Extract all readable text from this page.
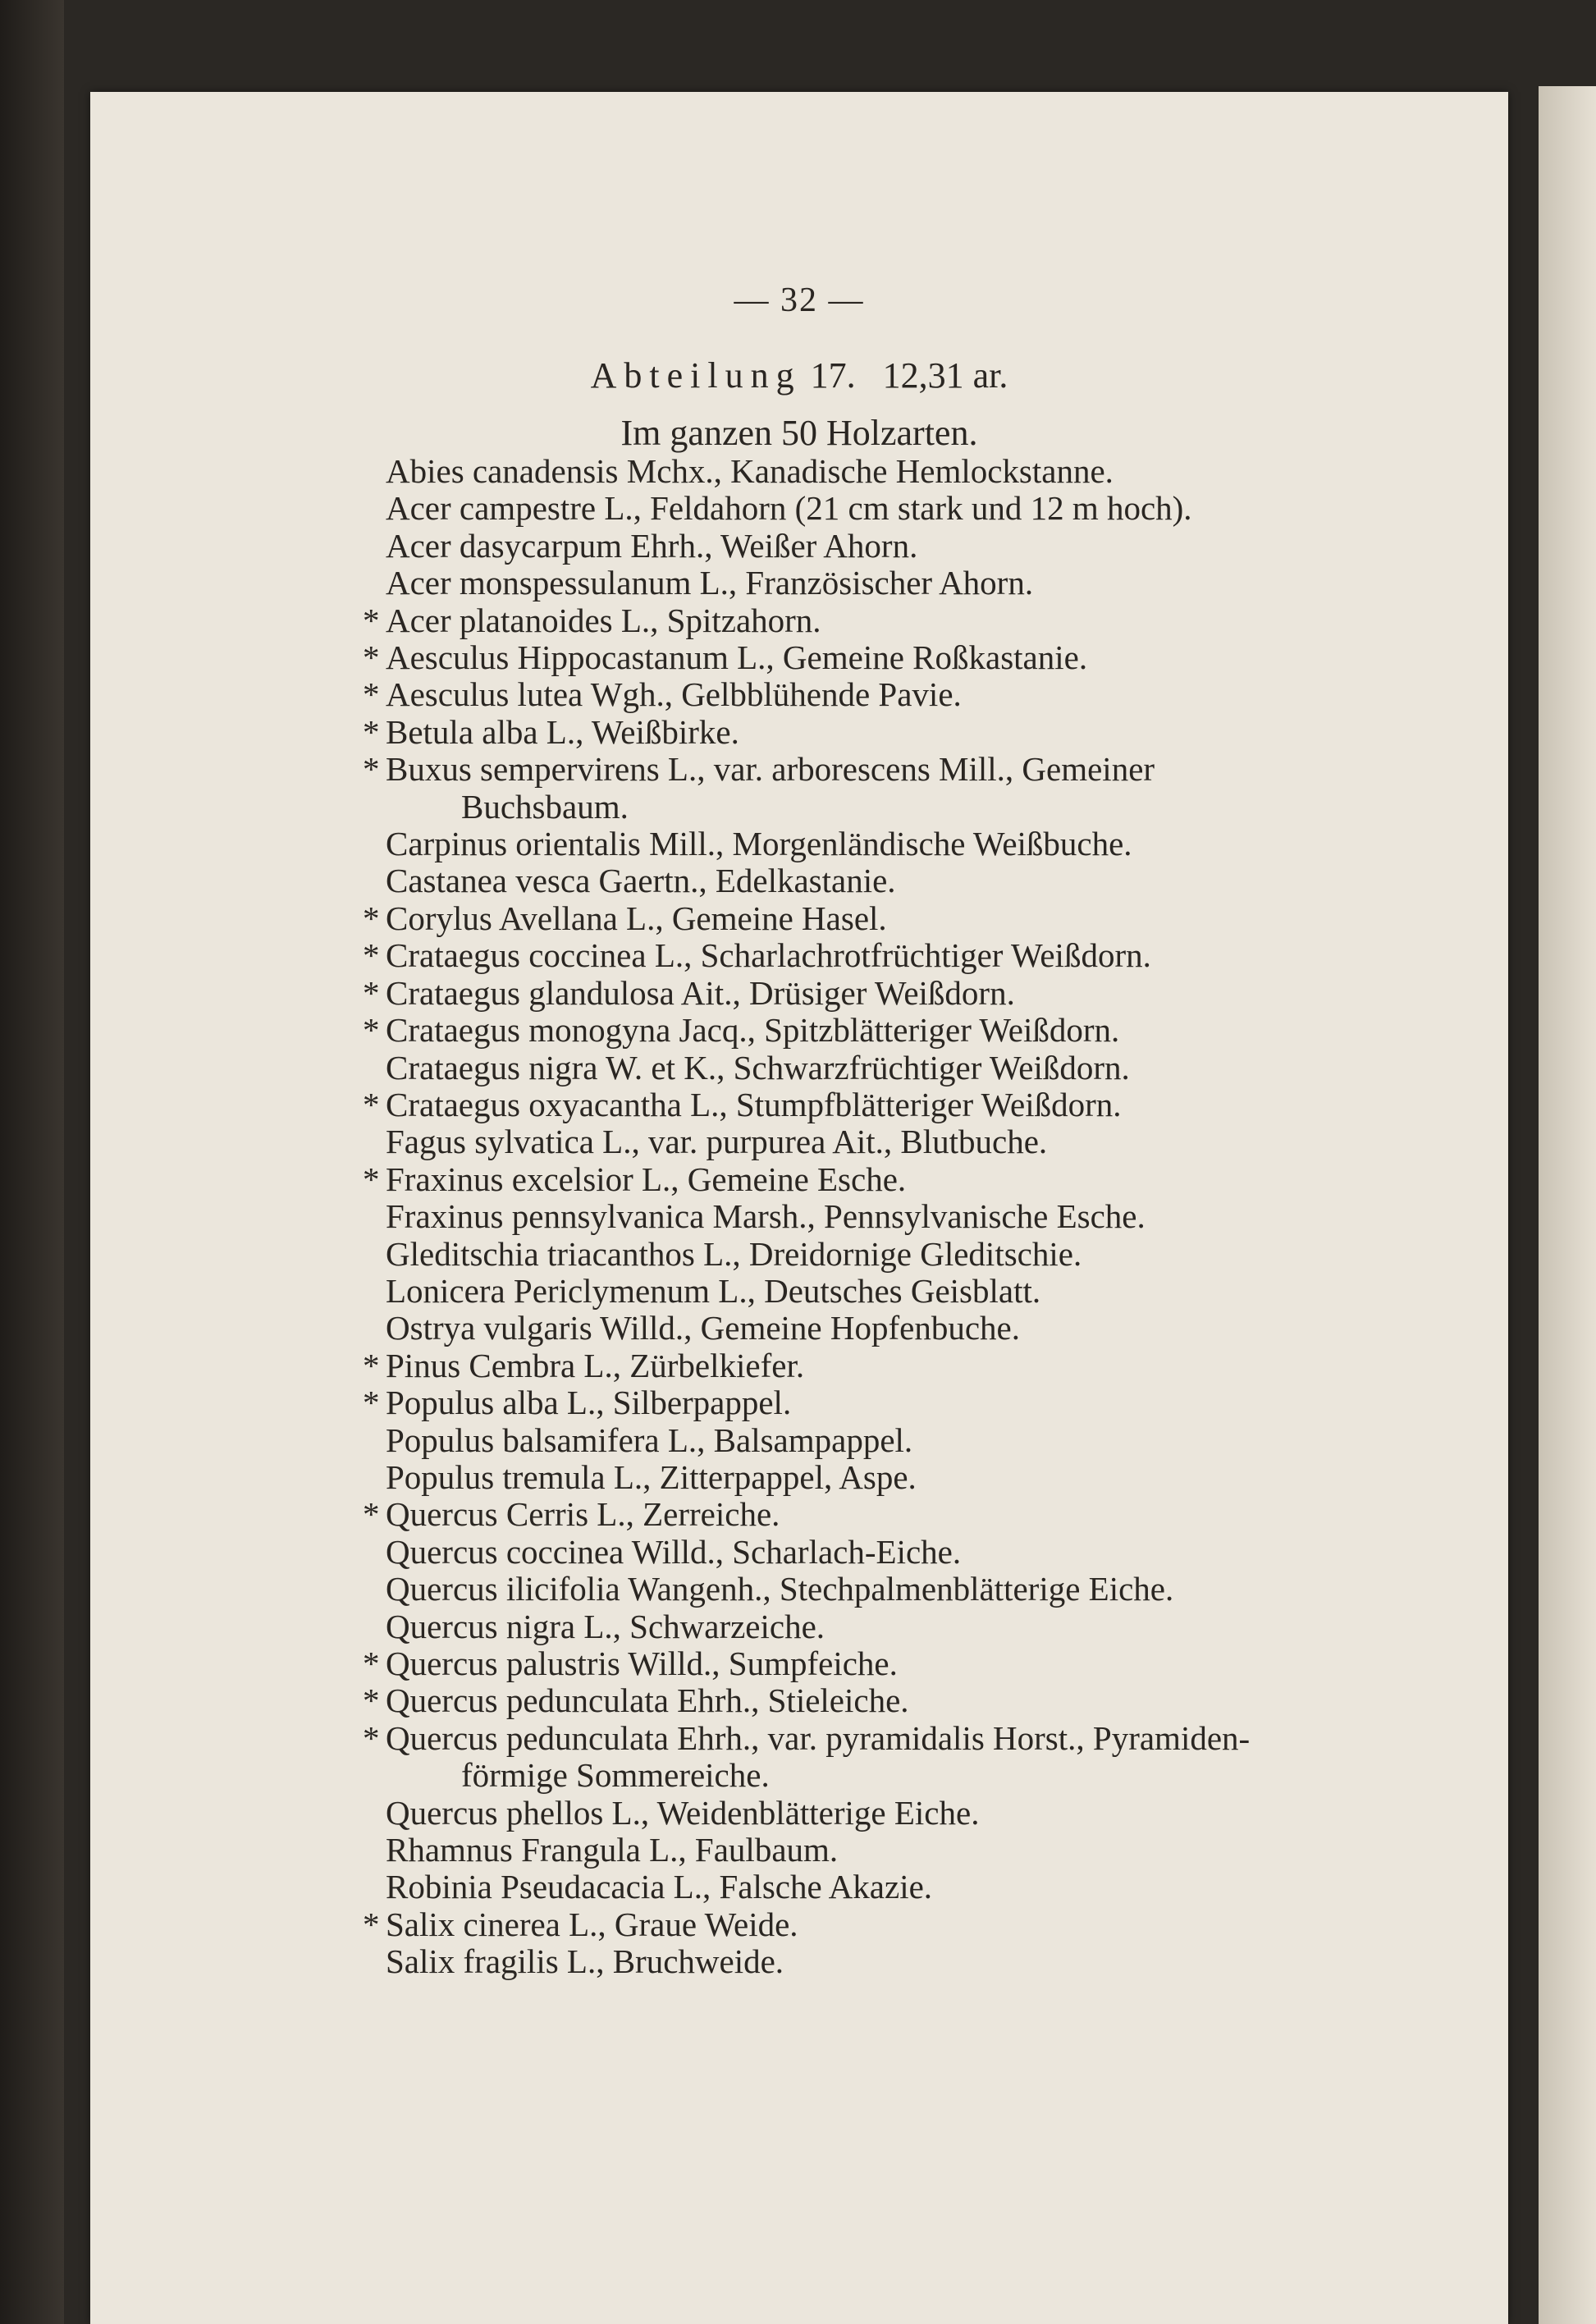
— 32 —
Abteilung 17. 12,31 ar.
Im ganzen 50 Holzarten.
Abies canadensis Mchx., Kanadische Hemlockstanne.
Acer campestre L., Feldahorn (21 cm stark und 12 m hoch).
Acer dasycarpum Ehrh., Weißer Ahorn.
Acer monspessulanum L., Französischer Ahorn.
* Acer platanoides L., Spitzahorn.
* Aesculus Hippocastanum L., Gemeine Roßkastanie.
* Aesculus lutea Wgh., Gelbblühende Pavie.
* Betula alba L., Weißbirke.
* Buxus sempervirens L., var. arborescens Mill., Gemeiner
Buchsbaum.
Carpinus orientalis Mill., Morgenländische Weißbuche.
Castanea vesca Gaertn., Edelkastanie.
* Corylus Avellana L., Gemeine Hasel.
* Crataegus coccinea L., Scharlachrotfrüchtiger Weißdorn.
* Crataegus glandulosa Ait., Drüsiger Weißdorn.
* Crataegus monogyna Jacq., Spitzblätteriger Weißdorn.
Crataegus nigra W. et K., Schwarzfrüchtiger Weißdorn.
* Crataegus oxyacantha L., Stumpfblätteriger Weißdorn.
Fagus sylvatica L., var. purpurea Ait., Blutbuche.
* Fraxinus excelsior L., Gemeine Esche.
Fraxinus pennsylvanica Marsh., Pennsylvanische Esche.
Gleditschia triacanthos L., Dreidornige Gleditschie.
Lonicera Periclymenum L., Deutsches Geisblatt.
Ostrya vulgaris Willd., Gemeine Hopfenbuche.
* Pinus Cembra L., Zürbelkiefer.
* Populus alba L., Silberpappel.
Populus balsamifera L., Balsampappel.
Populus tremula L., Zitterpappel, Aspe.
* Quercus Cerris L., Zerreiche.
Quercus coccinea Willd., Scharlach-Eiche.
Quercus ilicifolia Wangenh., Stechpalmenblätterige Eiche.
Quercus nigra L., Schwarzeiche.
* Quercus palustris Willd., Sumpfeiche.
* Quercus pedunculata Ehrh., Stieleiche.
* Quercus pedunculata Ehrh., var. pyramidalis Horst., Pyramiden-
förmige Sommereiche.
Quercus phellos L., Weidenblätterige Eiche.
Rhamnus Frangula L., Faulbaum.
Robinia Pseudacacia L., Falsche Akazie.
* Salix cinerea L., Graue Weide.
Salix fragilis L., Bruchweide.
